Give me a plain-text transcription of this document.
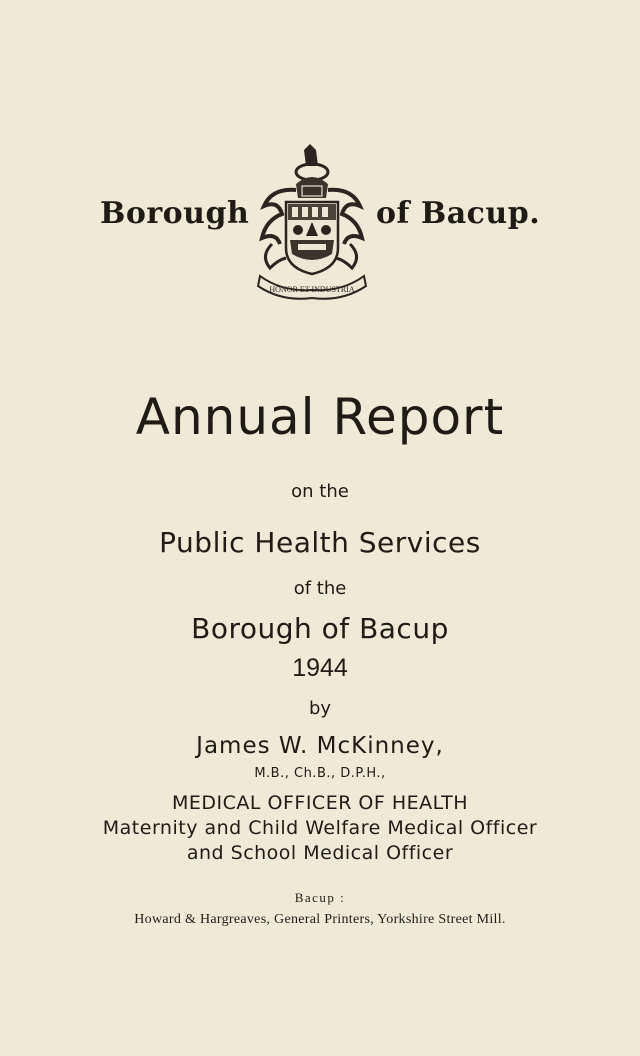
Borough
HONOR ET INDUSTRIA
of Bacup.
Annual Report
on the
Public Health Services
of the
Borough of Bacup
1944
by
James W. McKinney,
M.B., Ch.B., D.P.H.,
MEDICAL OFFICER OF HEALTH
Maternity and Child Welfare Medical Officer
and School Medical Officer
Bacup :
Howard & Hargreaves, General Printers, Yorkshire Street Mill.
